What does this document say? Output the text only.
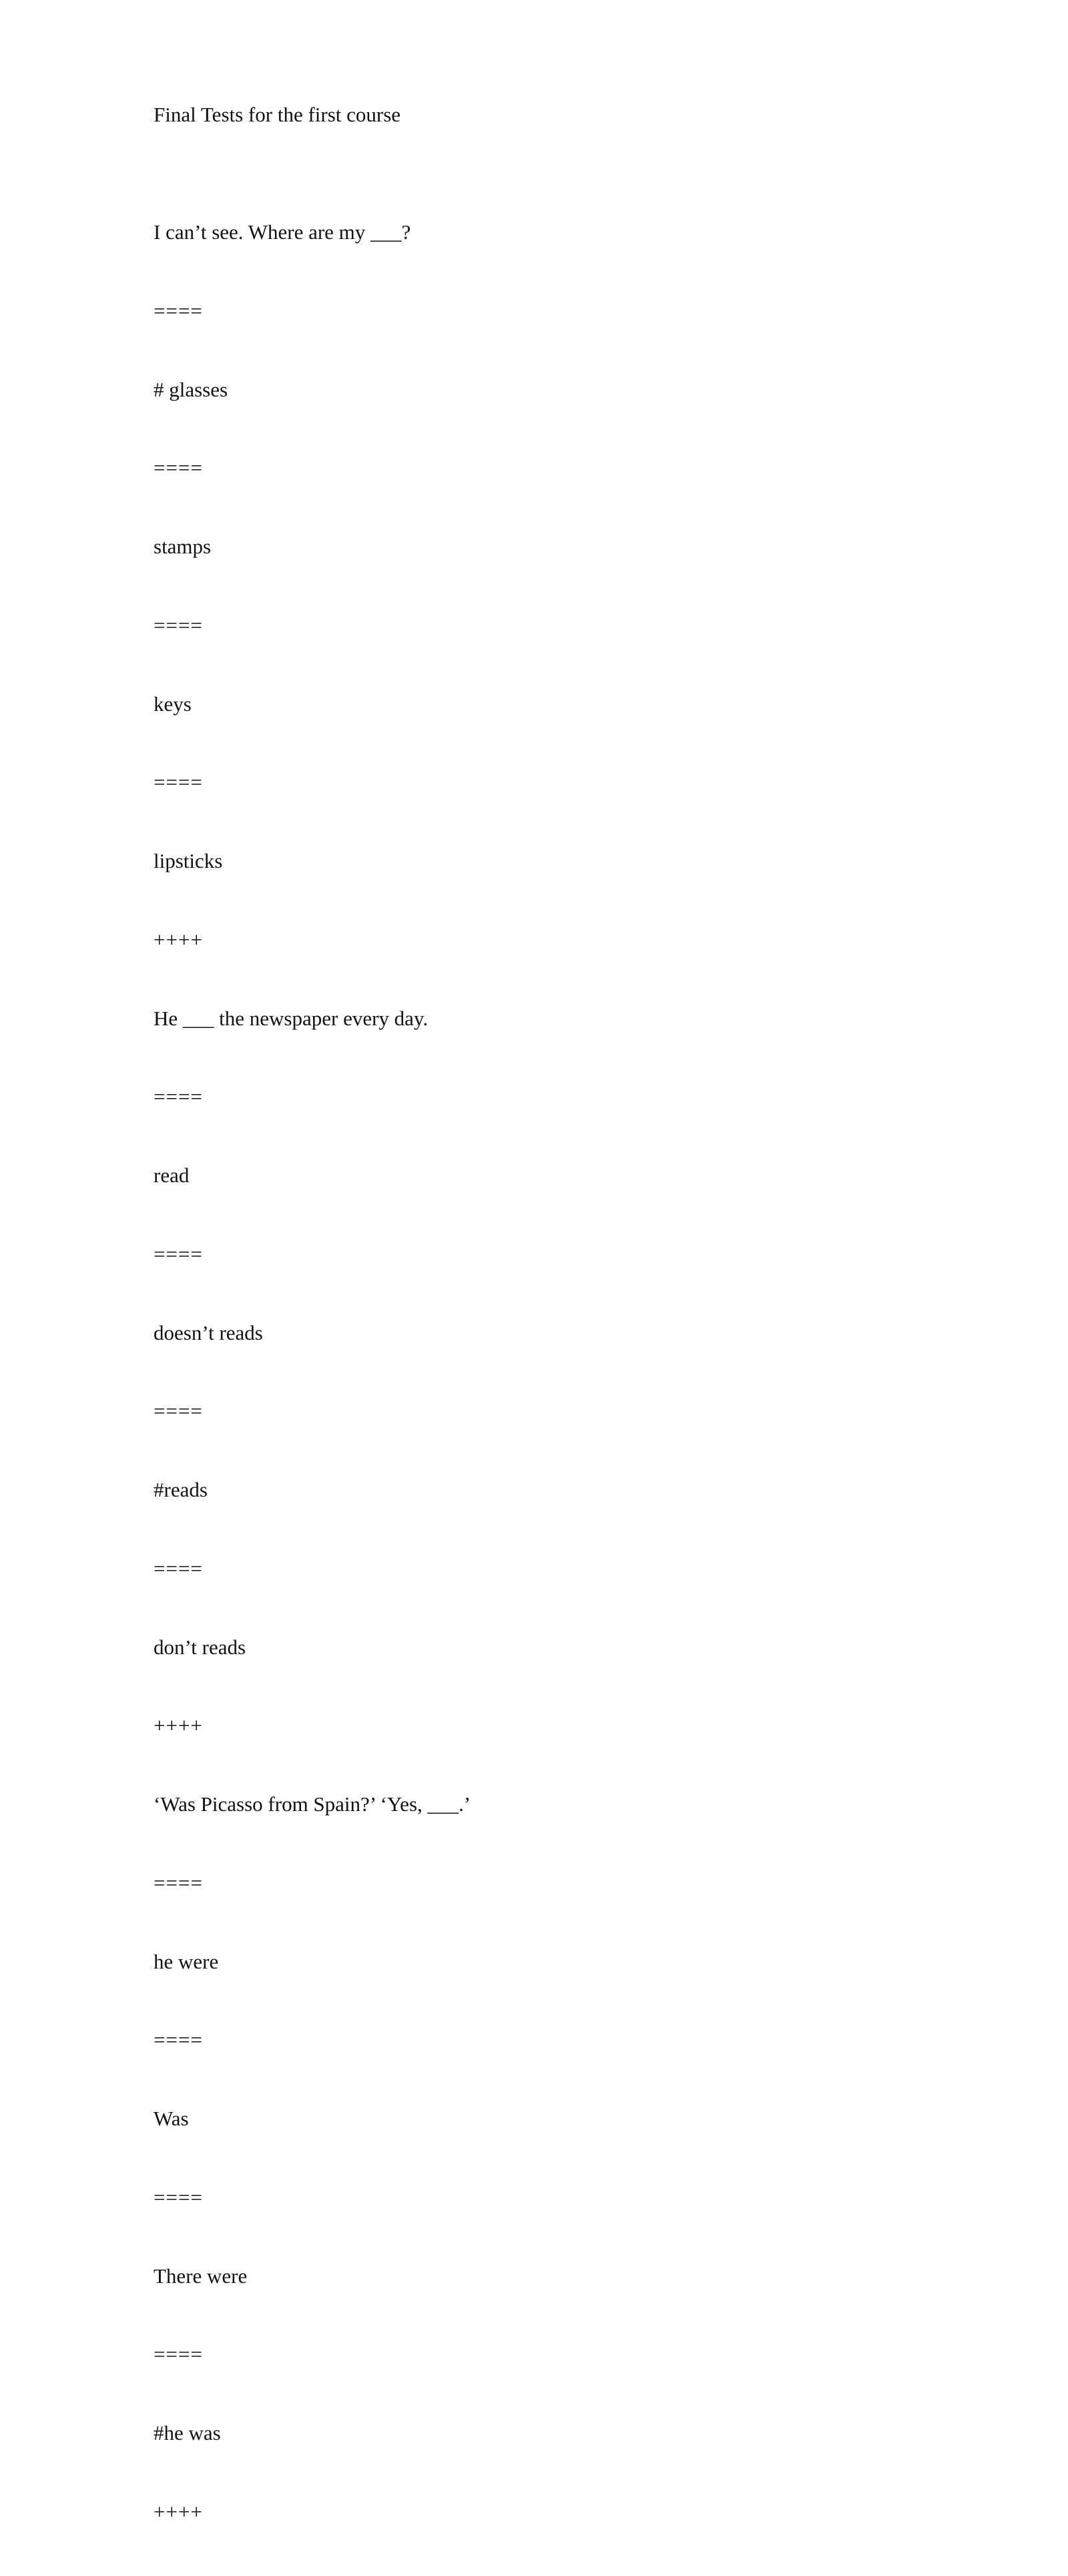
Final Tests for the first course
I can’t see. Where are my ___?
====
# glasses
====
stamps
====
keys
====
lipsticks
++++
He ___ the newspaper every day.
====
read
====
doesn’t reads
====
#reads
====
don’t reads
++++
‘Was Picasso from Spain?’ ‘Yes, ___.’
====
he were
====
Was
====
There were
====
#he was
++++
